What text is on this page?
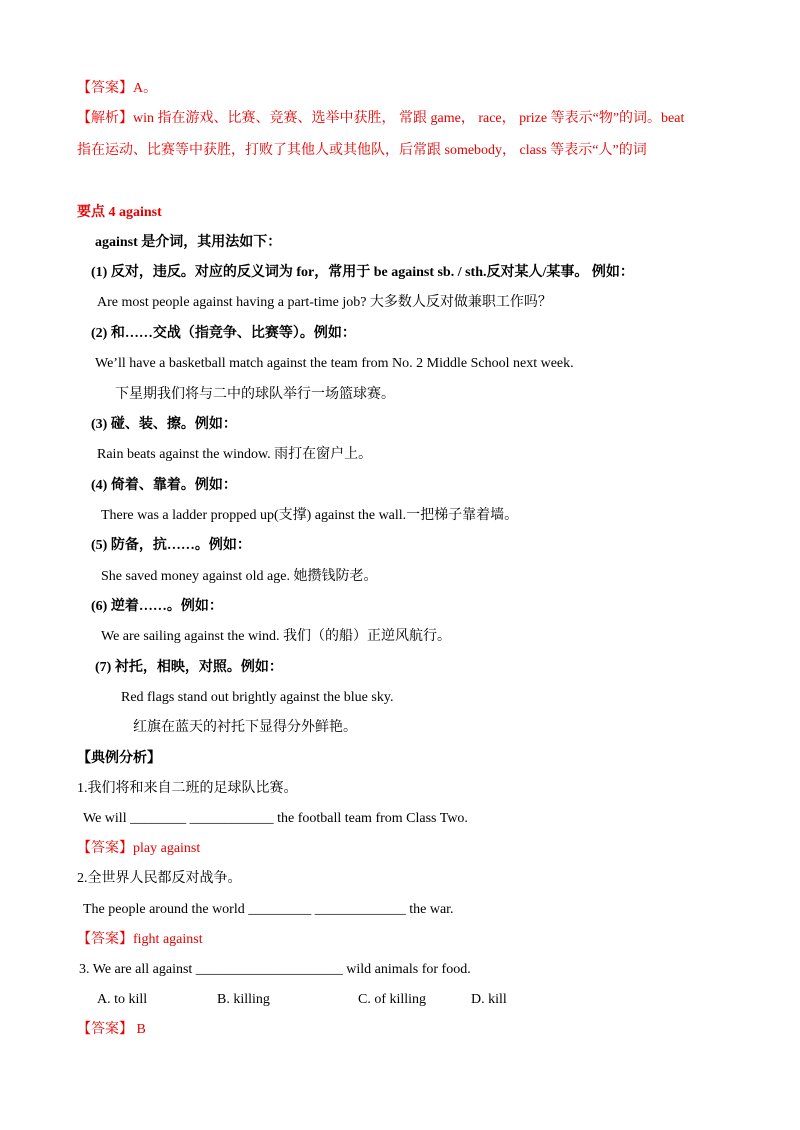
【答案】A。
【解析】win 指在游戏、比赛、竞赛、选举中获胜， 常跟 game， race， prize 等表示“物”的词。beat
指在运动、比赛等中获胜，打败了其他人或其他队，后常跟 somebody， class 等表示“人”的词
要点 4 against
against 是介词，其用法如下：
(1) 反对，违反。对应的反义词为 for，常用于 be against sb. / sth.反对某人/某事。 例如：
Are most people against having a part-time job? 大多数人反对做兼职工作吗？
(2) 和……交战（指竞争、比赛等）。例如：
We’ll have a basketball match against the team from No. 2 Middle School next week.
下星期我们将与二中的球队举行一场篮球赛。
(3) 碰、装、擦。例如：
Rain beats against the window. 雨打在窗户上。
(4) 倚着、靠着。例如：
There was a ladder propped up(支撑) against the wall.一把梯子靠着墙。
(5) 防备，抗……。例如：
She saved money against old age. 她攒钱防老。
(6) 逆着……。例如：
We are sailing against the wind. 我们（的船）正逆风航行。
(7) 衬托，相映，对照。例如：
Red flags stand out brightly against the blue sky.
红旗在蓝天的衬托下显得分外鲜艳。
【典例分析】
1.我们将和来自二班的足球队比赛。
We will ________ ____________ the football team from Class Two.
【答案】play against
2.全世界人民都反对战争。
The people around the world _________ _____________ the war.
【答案】fight against
3. We are all against _____________________ wild animals for food.
A. to kill	B. killing	C. of killing	D. kill
【答案】 B
